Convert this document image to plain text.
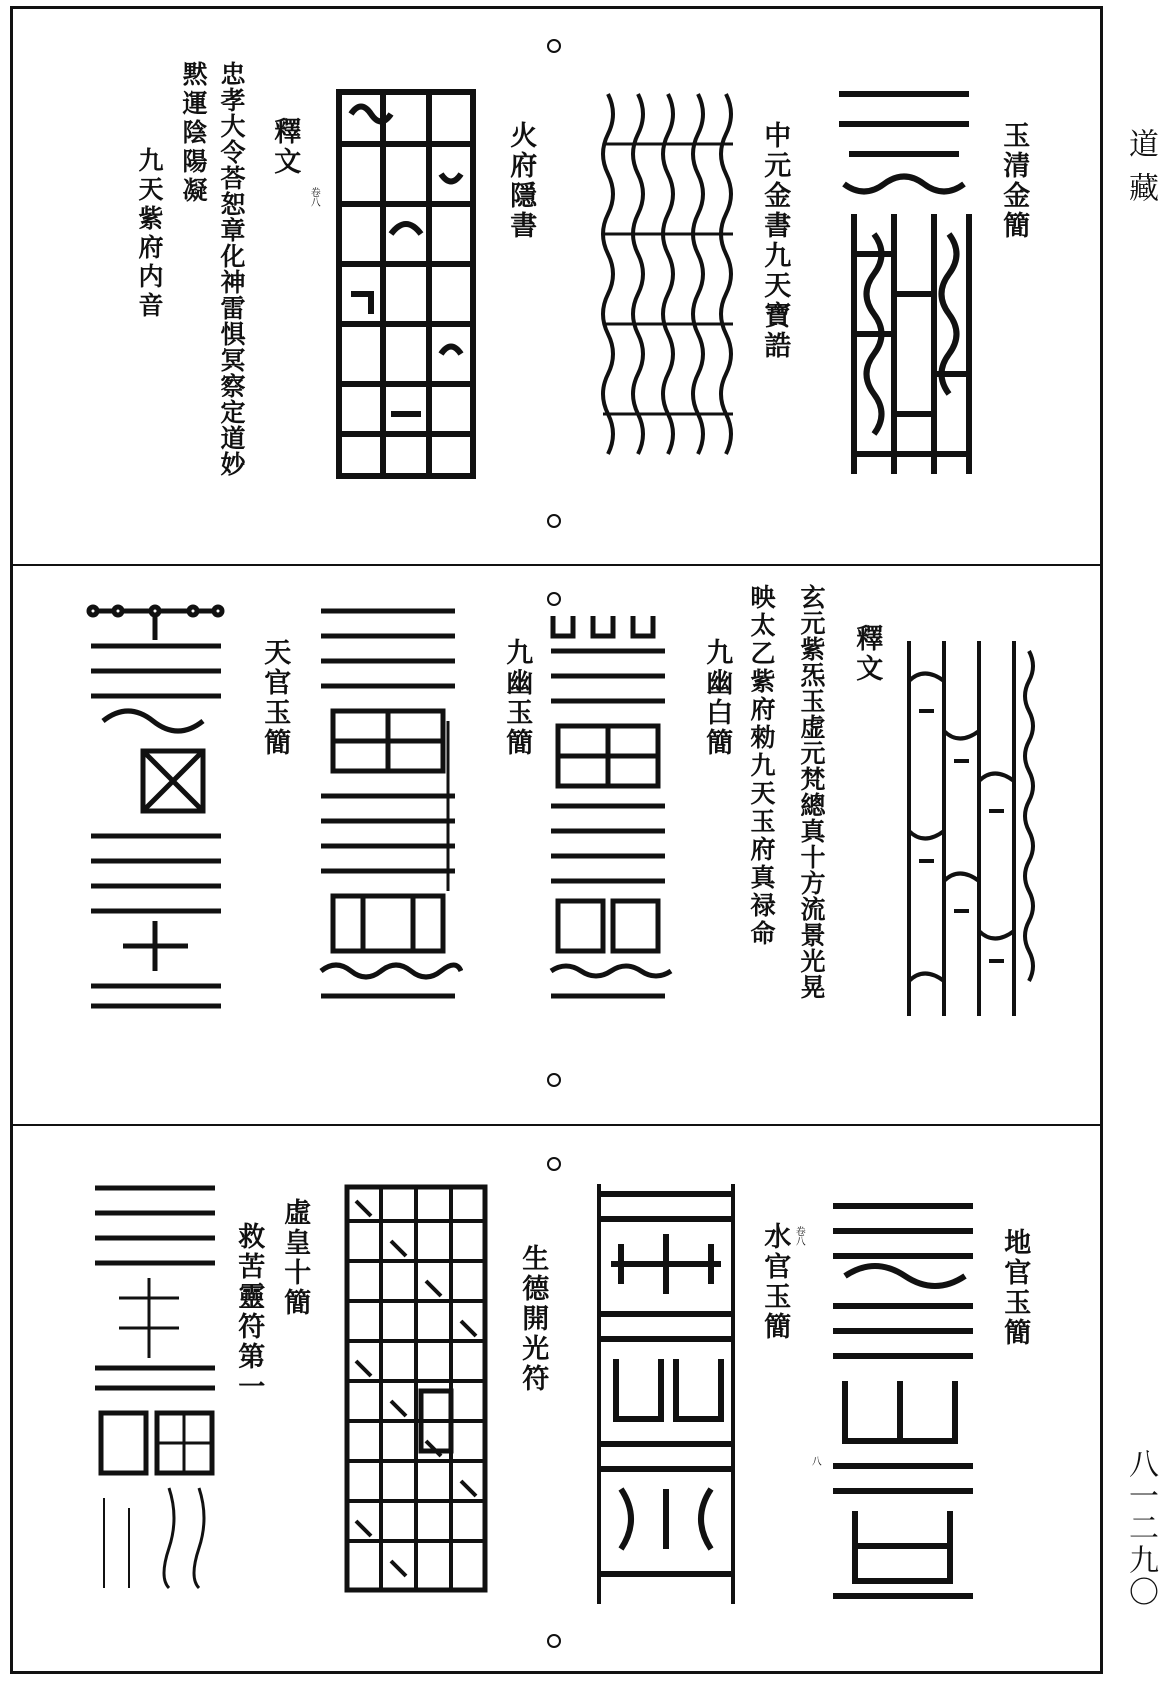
道藏
八一二九〇
玉清金簡
中元金書九天寶誥
火府隱書
卷八
釋文
忠孝大令荅恕章化神雷惧冥察定道妙
黙運陰陽凝
九天紫府内音
釋文
玄元紫炁玉虚元梵總真十方流景光晃
映太乙紫府勑九天玉府真禄命
九幽白簡
九幽玉簡
天官玉簡
地官玉簡
八
水官玉簡 卷八
生德開光符
虛皇十簡
救苦靈符第一
